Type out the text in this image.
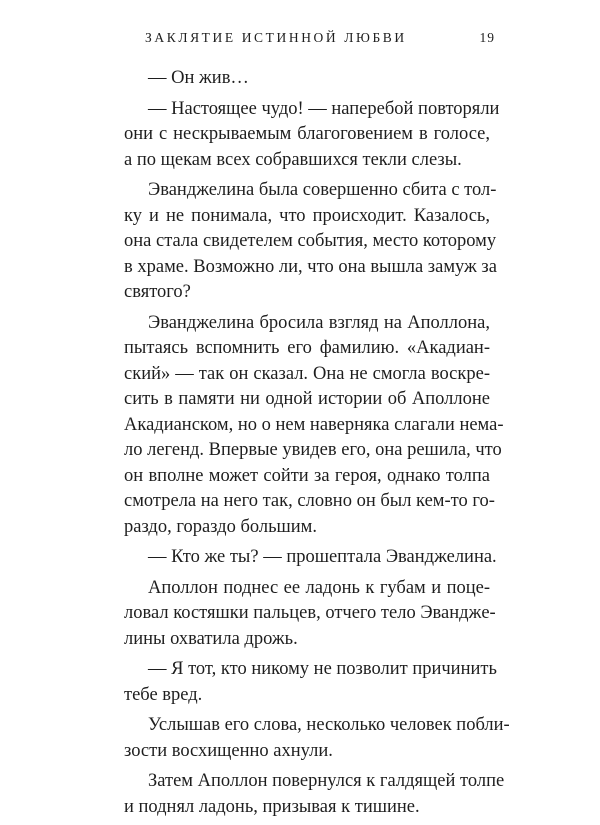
ЗАКЛЯТИЕ ИСТИННОЙ ЛЮБВИ	19

— Он жив…

— Настоящее чудо! — наперебой повторяли
они с нескрываемым благоговением в голосе,
а по щекам всех собравшихся текли слезы.

Эванджелина была совершенно сбита с тол-
ку и не понимала, что происходит. Казалось,
она стала свидетелем события, место которому
в храме. Возможно ли, что она вышла замуж за
святого?

Эванджелина бросила взгляд на Аполлона,
пытаясь вспомнить его фамилию. «Акадиан-
ский» — так он сказал. Она не смогла воскре-
сить в памяти ни одной истории об Аполлоне
Акадианском, но о нем наверняка слагали нема-
ло легенд. Впервые увидев его, она решила, что
он вполне может сойти за героя, однако толпа
смотрела на него так, словно он был кем-то го-
раздо, гораздо большим.

— Кто же ты? — прошептала Эванджелина.

Аполлон поднес ее ладонь к губам и поце-
ловал костяшки пальцев, отчего тело Эванджe-
лины охватила дрожь.

— Я тот, кто никому не позволит причинить
тебе вред.

Услышав его слова, несколько человек побли-
зости восхищенно ахнули.

Затем Аполлон повернулся к галдящей толпе
и поднял ладонь, призывая к тишине.
